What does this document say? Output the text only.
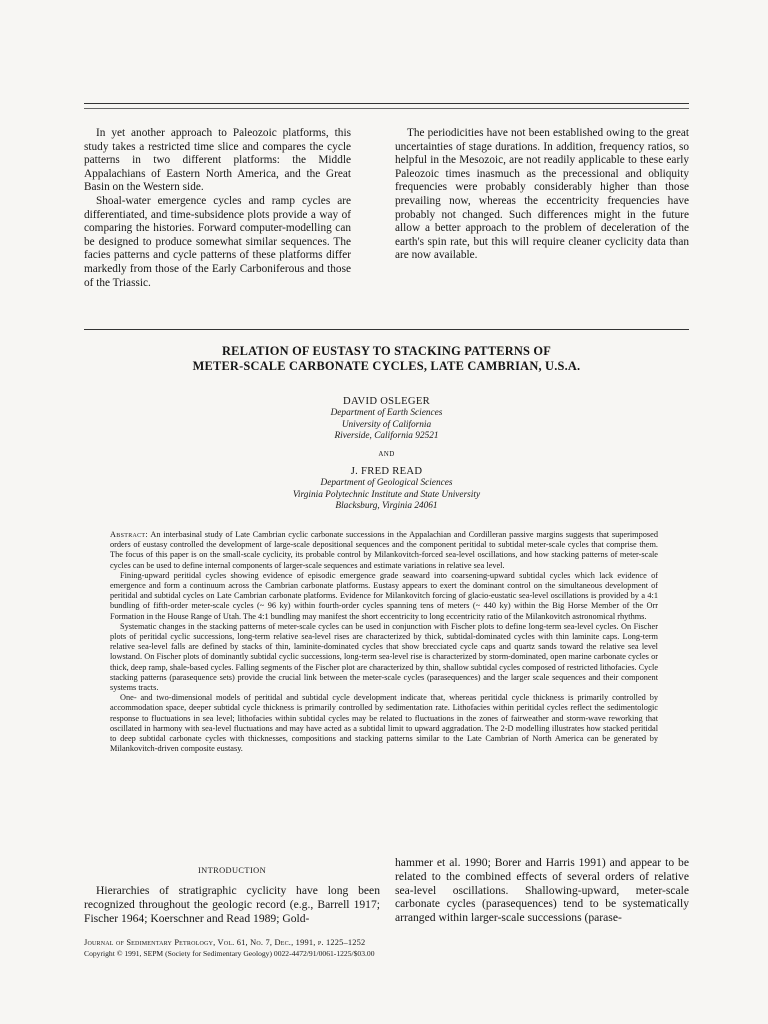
In yet another approach to Paleozoic platforms, this study takes a restricted time slice and compares the cycle patterns in two different platforms: the Middle Appalachians of Eastern North America, and the Great Basin on the Western side.

Shoal-water emergence cycles and ramp cycles are differentiated, and time-subsidence plots provide a way of comparing the histories. Forward computer-modelling can be designed to produce somewhat similar sequences. The facies patterns and cycle patterns of these platforms differ markedly from those of the Early Carboniferous and those of the Triassic.

The periodicities have not been established owing to the great uncertainties of stage durations. In addition, frequency ratios, so helpful in the Mesozoic, are not readily applicable to these early Paleozoic times inasmuch as the precessional and obliquity frequencies were probably considerably higher than those prevailing now, whereas the eccentricity frequencies have probably not changed. Such differences might in the future allow a better approach to the problem of deceleration of the earth's spin rate, but this will require cleaner cyclicity data than are now available.

RELATION OF EUSTASY TO STACKING PATTERNS OF
METER-SCALE CARBONATE CYCLES, LATE CAMBRIAN, U.S.A.
DAVID OSLEGER
Department of Earth Sciences
University of California
Riverside, California 92521
AND
J. FRED READ
Department of Geological Sciences
Virginia Polytechnic Institute and State University
Blacksburg, Virginia 24061

Abstract: An interbasinal study of Late Cambrian cyclic carbonate successions in the Appalachian and Cordilleran passive margins suggests that superimposed orders of eustasy controlled the development of large-scale depositional sequences and the component peritidal to subtidal meter-scale cycles that comprise them. The focus of this paper is on the small-scale cyclicity, its probable control by Milankovitch-forced sea-level oscillations, and how stacking patterns of meter-scale cycles can be used to define internal components of larger-scale sequences and estimate variations in relative sea level.

Fining-upward peritidal cycles showing evidence of episodic emergence grade seaward into coarsening-upward subtidal cycles which lack evidence of emergence and form a continuum across the Cambrian carbonate platforms. Eustasy appears to exert the dominant control on the simultaneous development of peritidal and subtidal cycles on Late Cambrian carbonate platforms. Evidence for Milankovitch forcing of glacio-eustatic sea-level oscillations is provided by a 4:1 bundling of fifth-order meter-scale cycles (~ 96 ky) within fourth-order cycles spanning tens of meters (~ 440 ky) within the Big Horse Member of the Orr Formation in the House Range of Utah. The 4:1 bundling may manifest the short eccentricity to long eccentricity ratio of the Milankovitch astronomical rhythms.

Systematic changes in the stacking patterns of meter-scale cycles can be used in conjunction with Fischer plots to define long-term sea-level cycles. On Fischer plots of peritidal cyclic successions, long-term relative sea-level rises are characterized by thick, subtidal-dominated cycles with thin laminite caps. Long-term relative sea-level falls are defined by stacks of thin, laminite-dominated cycles that show brecciated cycle caps and quartz sands toward the relative sea level lowstand. On Fischer plots of dominantly subtidal cyclic successions, long-term sea-level rise is characterized by storm-dominated, open marine carbonate cycles or thick, deep ramp, shale-based cycles. Falling segments of the Fischer plot are characterized by thin, shallow subtidal cycles composed of restricted lithofacies. Cycle stacking patterns (parasequence sets) provide the crucial link between the meter-scale cycles (parasequences) and the larger scale sequences and their component systems tracts.

One- and two-dimensional models of peritidal and subtidal cycle development indicate that, whereas peritidal cycle thickness is primarily controlled by accommodation space, deeper subtidal cycle thickness is primarily controlled by sedimentation rate. Lithofacies within peritidal cycles reflect the sedimentologic response to fluctuations in sea level; lithofacies within subtidal cycles may be related to fluctuations in the zones of fairweather and storm-wave reworking that oscillated in harmony with sea-level fluctuations and may have acted as a subtidal limit to upward aggradation. The 2-D modelling illustrates how stacked peritidal to deep subtidal carbonate cycles with thicknesses, compositions and stacking patterns similar to the Late Cambrian of North America can be generated by Milankovitch-driven composite eustasy.

INTRODUCTION

Hierarchies of stratigraphic cyclicity have long been recognized throughout the geologic record (e.g., Barrell 1917; Fischer 1964; Koerschner and Read 1989; Gold-

hammer et al. 1990; Borer and Harris 1991) and appear to be related to the combined effects of several orders of relative sea-level oscillations. Shallowing-upward, meter-scale carbonate cycles (parasequences) tend to be systematically arranged within larger-scale successions (parase-

Journal of Sedimentary Petrology, Vol. 61, No. 7, Dec., 1991, p. 1225–1252
Copyright © 1991, SEPM (Society for Sedimentary Geology) 0022-4472/91/0061-1225/$03.00
